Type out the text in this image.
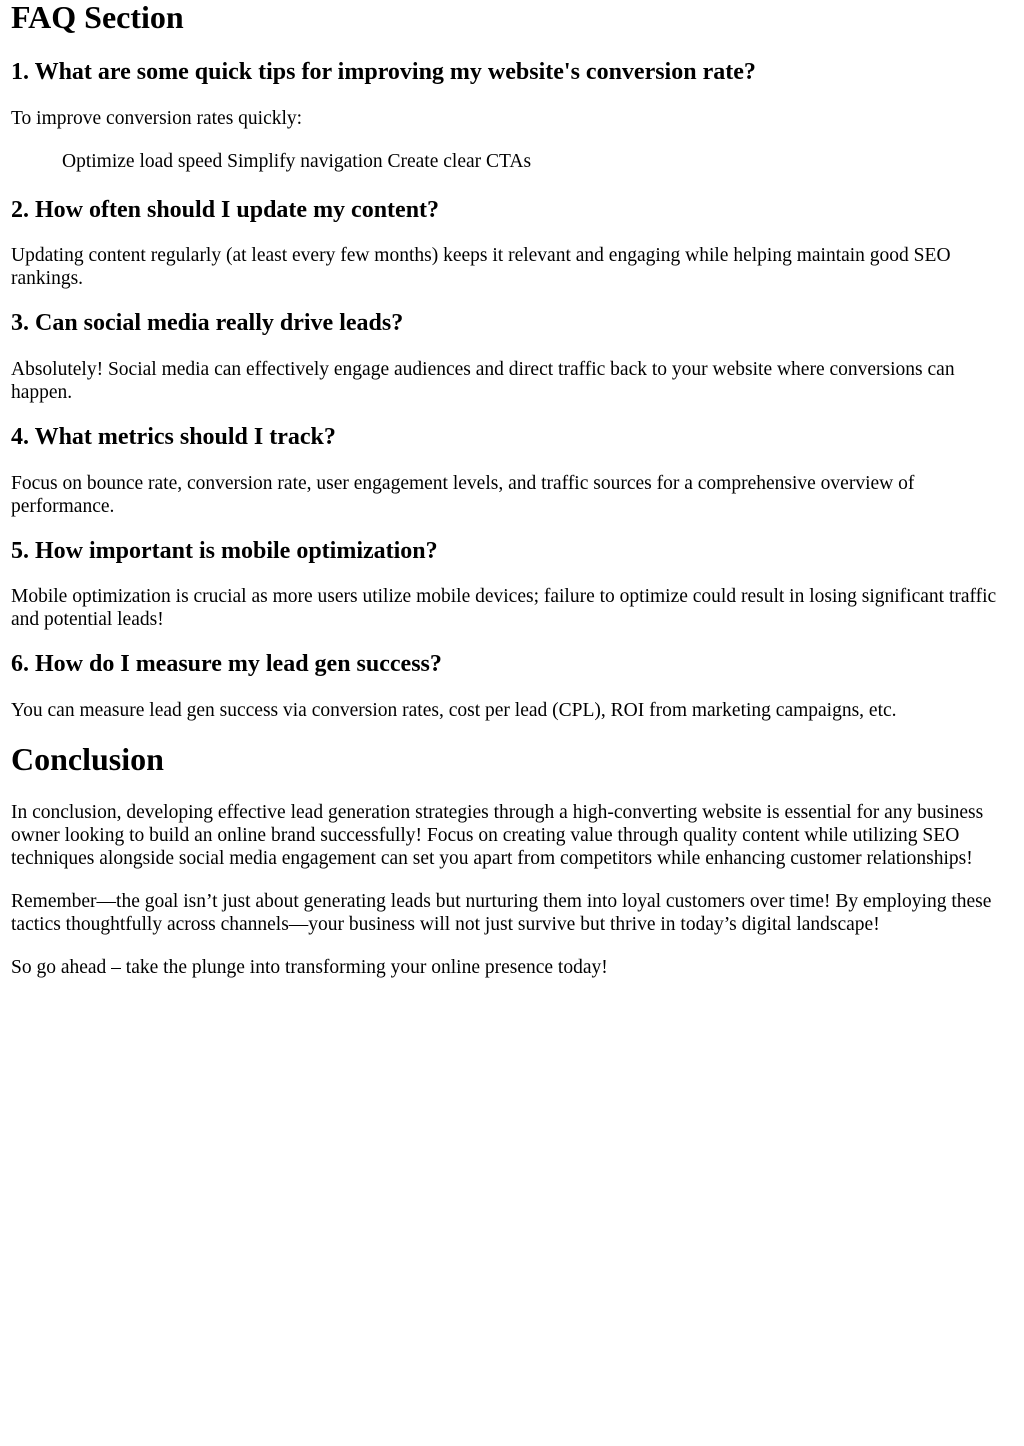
FAQ Section
1. What are some quick tips for improving my website's conversion rate?

To improve conversion rates quickly:

Optimize load speed Simplify navigation Create clear CTAs
2. How often should I update my content?

Updating content regularly (at least every few months) keeps it relevant and engaging while helping maintain good SEO rankings.

3. Can social media really drive leads?

Absolutely! Social media can effectively engage audiences and direct traffic back to your website where conversions can happen.

4. What metrics should I track?

Focus on bounce rate, conversion rate, user engagement levels, and traffic sources for a comprehensive overview of performance.

5. How important is mobile optimization?

Mobile optimization is crucial as more users utilize mobile devices; failure to optimize could result in losing significant traffic and potential leads!

6. How do I measure my lead gen success?

You can measure lead gen success via conversion rates, cost per lead (CPL), ROI from marketing campaigns, etc.

Conclusion

In conclusion, developing effective lead generation strategies through a high-converting website is essential for any business owner looking to build an online brand successfully! Focus on creating value through quality content while utilizing SEO techniques alongside social media engagement can set you apart from competitors while enhancing customer relationships!

Remember—the goal isn’t just about generating leads but nurturing them into loyal customers over time! By employing these tactics thoughtfully across channels—your business will not just survive but thrive in today’s digital landscape!

So go ahead – take the plunge into transforming your online presence today!
